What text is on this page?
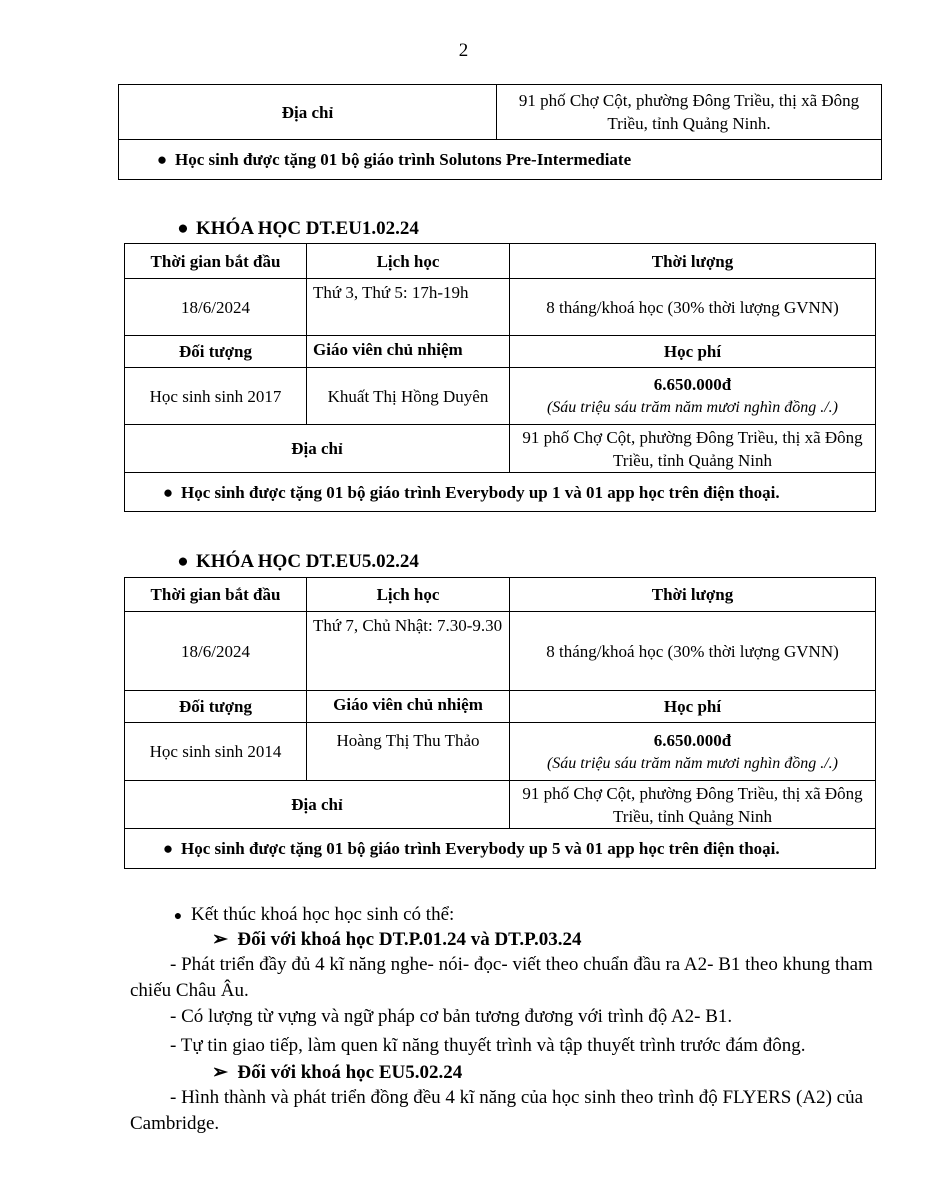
2
Địa chỉ	91 phố Chợ Cột, phường Đông Triều, thị xã Đông Triều, tỉnh Quảng Ninh.
● Học sinh được tặng 01 bộ giáo trình Solutons Pre-Intermediate
● KHÓA HỌC DT.EU1.02.24
Thời gian bắt đầu	Lịch học	Thời lượng
18/6/2024	Thứ 3, Thứ 5: 17h-19h	8 tháng/khoá học (30% thời lượng GVNN)
Đối tượng	Giáo viên chủ nhiệm	Học phí
Học sinh sinh 2017	Khuất Thị Hồng Duyên	6.650.000đ
(Sáu triệu sáu trăm năm mươi nghìn đồng ./.)

Địa chỉ		91 phố Chợ Cột, phường Đông Triều, thị xã Đông Triều, tỉnh Quảng Ninh
● Học sinh được tặng 01 bộ giáo trình Everybody up 1 và 01 app học trên điện thoại.		
● KHÓA HỌC DT.EU5.02.24
Thời gian bắt đầu	Lịch học	Thời lượng
18/6/2024	Thứ 7, Chủ Nhật: 7.30-9.30	8 tháng/khoá học (30% thời lượng GVNN)
Đối tượng	Giáo viên chủ nhiệm	Học phí
Học sinh sinh 2014	Hoàng Thị Thu Thảo	6.650.000đ
(Sáu triệu sáu trăm năm mươi nghìn đồng ./.)

Địa chỉ		91 phố Chợ Cột, phường Đông Triều, thị xã Đông Triều, tỉnh Quảng Ninh
● Học sinh được tặng 01 bộ giáo trình Everybody up 5 và 01 app học trên điện thoại.		
● Kết thúc khoá học học sinh có thể:
➢ Đối với khoá học DT.P.01.24 và DT.P.03.24
- Phát triển đầy đủ 4 kĩ năng nghe- nói- đọc- viết theo chuẩn đầu ra A2- B1 theo khung tham chiếu Châu Âu.
- Có lượng từ vựng và ngữ pháp cơ bản tương đương với trình độ A2- B1.
- Tự tin giao tiếp, làm quen kĩ năng thuyết trình và tập thuyết trình trước đám đông.
➢ Đối với khoá học EU5.02.24
- Hình thành và phát triển đồng đều 4 kĩ năng của học sinh theo trình độ FLYERS (A2) của Cambridge.
